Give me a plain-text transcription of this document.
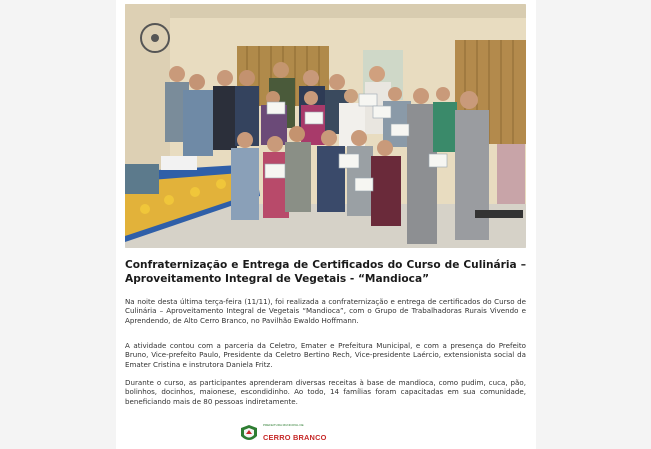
Confraternização e Entrega de Certificados do Curso de Culinária – Aproveitamento Integral de Vegetais - “Mandioca”

Na noite desta última terça-feira (11/11), foi realizada a confraternização e entrega de certificados do Curso de Culinária – Aproveitamento Integral de Vegetais “Mandioca”, com o Grupo de Trabalhadoras Rurais Vivendo e Aprendendo, de Alto Cerro Branco, no Pavilhão Ewaldo Hoffmann.

A atividade contou com a parceria da Celetro, Emater e Prefeitura Municipal, e com a presença do Prefeito Bruno, Vice-prefeito Paulo, Presidente da Celetro Bertino Rech, Vice-presidente Laércio, extensionista social da Emater Cristina e instrutora Daniela Fritz.

Durante o curso, as participantes aprenderam diversas receitas à base de mandioca, como pudim, cuca, pão, bolinhos, docinhos, maionese, escondidinho. Ao todo, 14 famílias foram capacitadas em sua comunidade, beneficiando mais de 80 pessoas indiretamente.

PREFEITURA MUNICIPAL DE
CERRO BRANCO
